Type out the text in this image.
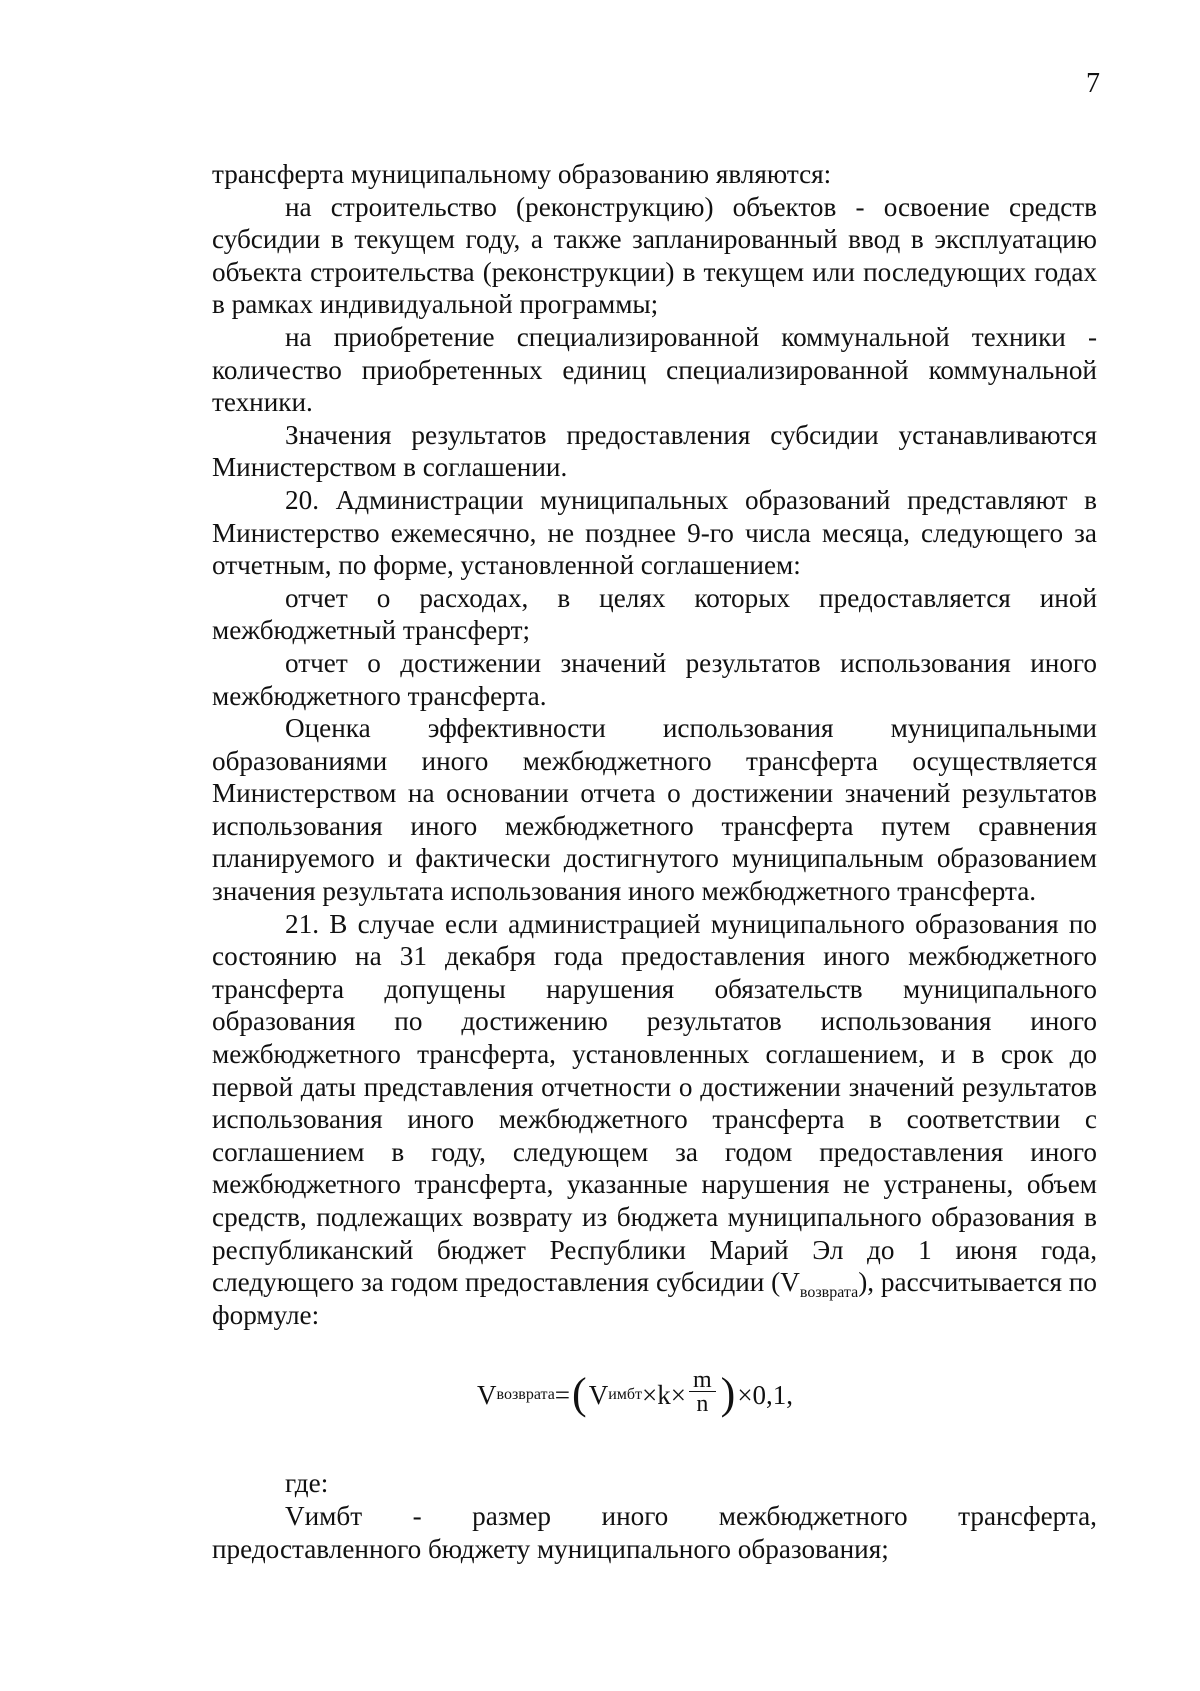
7

трансферта муниципальному образованию являются:

на строительство (реконструкцию) объектов - освоение средств субсидии в текущем году, а также запланированный ввод в эксплуатацию объекта строительства (реконструкции) в текущем или последующих годах в рамках индивидуальной программы;

на приобретение специализированной коммунальной техники - количество приобретенных единиц специализированной коммунальной техники.

Значения результатов предоставления субсидии устанавливаются Министерством в соглашении.

20. Администрации муниципальных образований представляют в Министерство ежемесячно, не позднее 9-го числа месяца, следующего за отчетным, по форме, установленной соглашением:

отчет о расходах, в целях которых предоставляется иной межбюджетный трансферт;

отчет о достижении значений результатов использования иного межбюджетного трансферта.

Оценка эффективности использования муниципальными образованиями иного межбюджетного трансферта осуществляется Министерством на основании отчета о достижении значений результатов использования иного межбюджетного трансферта путем сравнения планируемого и фактически достигнутого муниципальным образованием значения результата использования иного межбюджетного трансферта.

21. В случае если администрацией муниципального образования по состоянию на 31 декабря года предоставления иного межбюджетного трансферта допущены нарушения обязательств муниципального образования по достижению результатов использования иного межбюджетного трансферта, установленных соглашением, и в срок до первой даты представления отчетности о достижении значений результатов использования иного межбюджетного трансферта в соответствии с соглашением в году, следующем за годом предоставления иного межбюджетного трансферта, указанные нарушения не устранены, объем средств, подлежащих возврату из бюджета муниципального образования в республиканский бюджет Республики Марий Эл до 1 июня года, следующего за годом предоставления субсидии $(V_{возврата})$, рассчитывается по формуле:

V возврата = ( V имбт $\times k\times \frac{m}{n}$ ) ×0,1,

где:

Vимбт - размер иного межбюджетного трансферта,

предоставленного бюджету муниципального образования;
